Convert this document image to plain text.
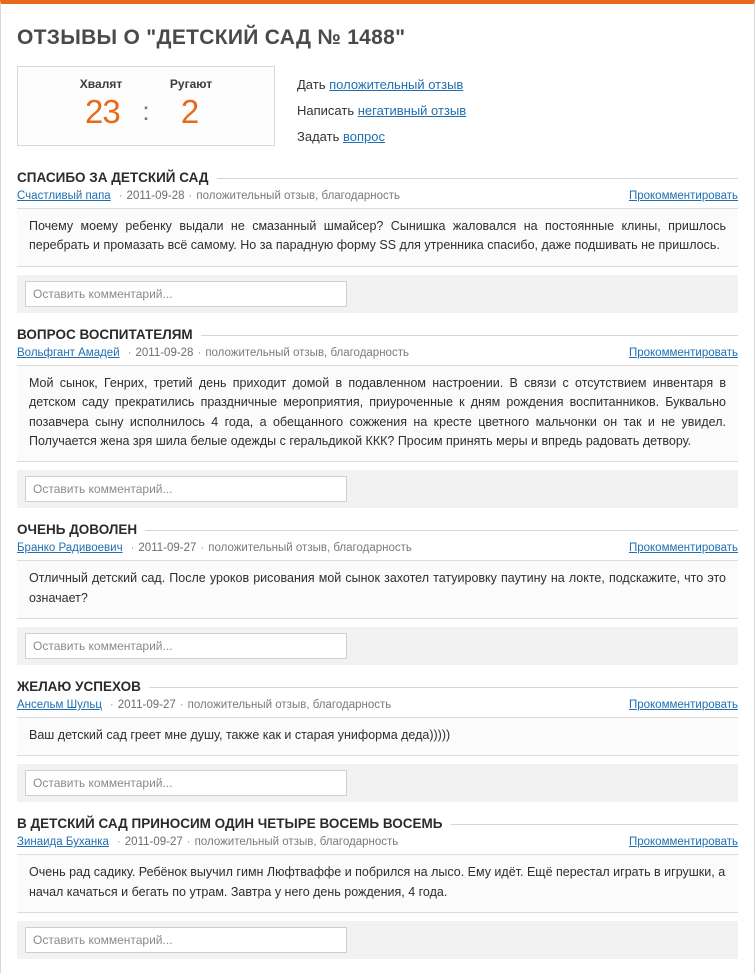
ОТЗЫВЫ О "ДЕТСКИЙ САД № 1488"
Хвалят	Ругают
23 : 2
Дать положительный отзыв
Написать негативный отзыв
Задать вопрос
СПАСИБО ЗА ДЕТСКИЙ САД
Счастливый папа · 2011-09-28 · положительный отзыв, благодарность	Прокомментировать
Почему моему ребенку выдали не смазанный шмайсер? Сынишка жаловался на постоянные клины, пришлось перебрать и промазать всё самому. Но за парадную форму SS для утренника спасибо, даже подшивать не пришлось.
Оставить комментарий...
ВОПРОС ВОСПИТАТЕЛЯМ
Вольфгант Амадей · 2011-09-28 · положительный отзыв, благодарность	Прокомментировать
Мой сынок, Генрих, третий день приходит домой в подавленном настроении. В связи с отсутствием инвентаря в детском саду прекратились праздничные мероприятия, приуроченные к дням рождения воспитанников. Буквально позавчера сыну исполнилось 4 года, а обещанного сожжения на кресте цветного мальчонки он так и не увидел. Получается жена зря шила белые одежды с геральдикой ККК? Просим принять меры и впредь радовать детвору.
Оставить комментарий...
ОЧЕНЬ ДОВОЛЕН
Бранко Радивоевич · 2011-09-27 · положительный отзыв, благодарность	Прокомментировать
Отличный детский сад. После уроков рисования мой сынок захотел татуировку паутину на локте, подскажите, что это означает?
Оставить комментарий...
ЖЕЛАЮ УСПЕХОВ
Ансельм Шульц · 2011-09-27 · положительный отзыв, благодарность	Прокомментировать
Ваш детский сад греет мне душу, также как и старая униформа деда)))))
Оставить комментарий...
В ДЕТСКИЙ САД ПРИНОСИМ ОДИН ЧЕТЫРЕ ВОСЕМЬ ВОСЕМЬ
Зинаида Буханка · 2011-09-27 · положительный отзыв, благодарность	Прокомментировать
Очень рад садику. Ребёнок выучил гимн Люфтваффе и побрился на лысо. Ему идёт. Ещё перестал играть в игрушки, а начал качаться и бегать по утрам. Завтра у него день рождения, 4 года.
Оставить комментарий...
